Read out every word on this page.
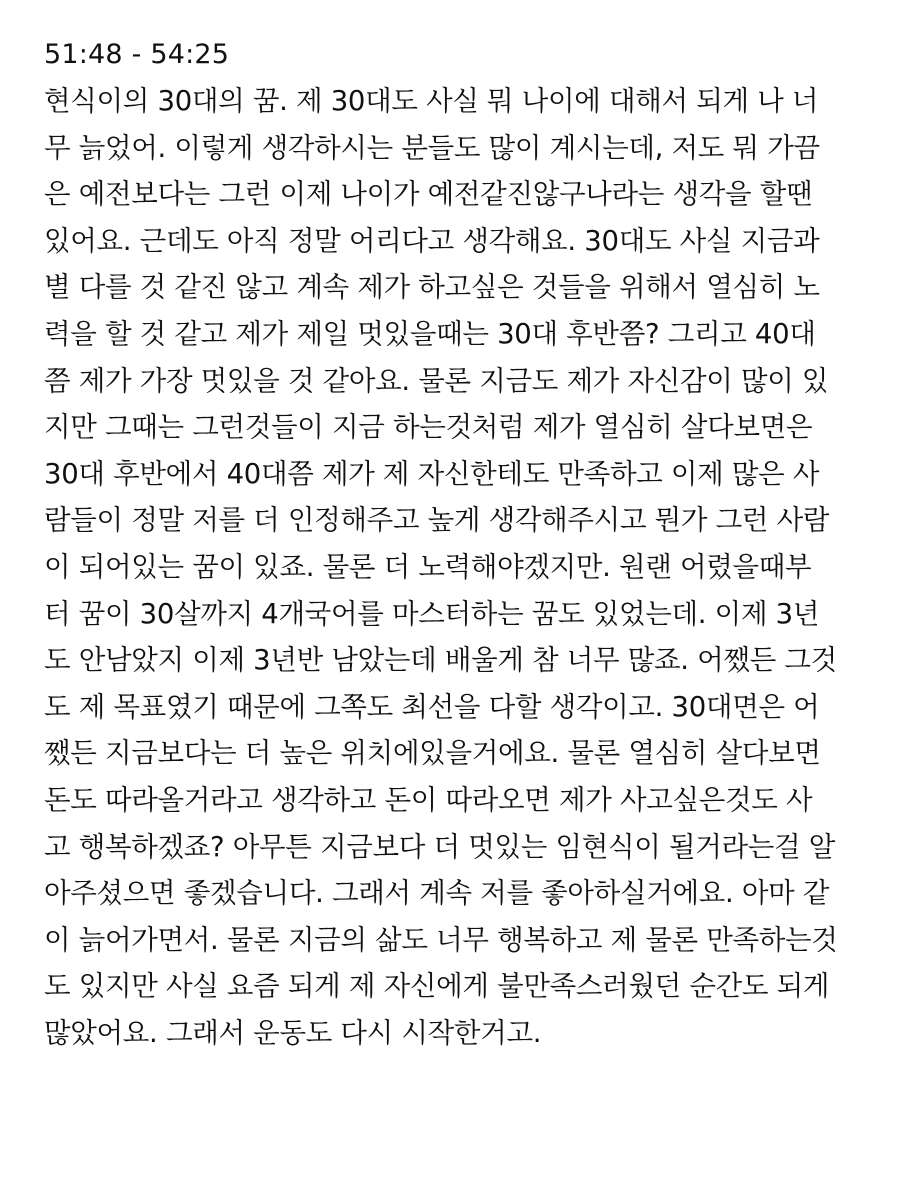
51:48 - 54:25
현식이의 30대의 꿈. 제 30대도 사실 뭐 나이에 대해서 되게 나 너
무 늙었어. 이렇게 생각하시는 분들도 많이 계시는데, 저도 뭐 가끔
은 예전보다는 그런 이제 나이가 예전같진않구나라는 생각을 할땐
있어요. 근데도 아직 정말 어리다고 생각해요. 30대도 사실 지금과
별 다를 것 같진 않고 계속 제가 하고싶은 것들을 위해서 열심히 노
력을 할 것 같고 제가 제일 멋있을때는 30대 후반쯤? 그리고 40대
쯤 제가 가장 멋있을 것 같아요. 물론 지금도 제가 자신감이 많이 있
지만 그때는 그런것들이 지금 하는것처럼 제가 열심히 살다보면은
30대 후반에서 40대쯤 제가 제 자신한테도 만족하고 이제 많은 사
람들이 정말 저를 더 인정해주고 높게 생각해주시고 뭔가 그런 사람
이 되어있는 꿈이 있죠. 물론 더 노력해야겠지만. 원랜 어렸을때부
터 꿈이 30살까지 4개국어를 마스터하는 꿈도 있었는데. 이제 3년
도 안남았지 이제 3년반 남았는데 배울게 참 너무 많죠. 어쨌든 그것
도 제 목표였기 때문에 그쪽도 최선을 다할 생각이고. 30대면은 어
쨌든 지금보다는 더 높은 위치에있을거에요. 물론 열심히 살다보면
돈도 따라올거라고 생각하고 돈이 따라오면 제가 사고싶은것도 사
고 행복하겠죠? 아무튼 지금보다 더 멋있는 임현식이 될거라는걸 알
아주셨으면 좋겠습니다. 그래서 계속 저를 좋아하실거에요. 아마 같
이 늙어가면서. 물론 지금의 삶도 너무 행복하고 제 물론 만족하는것
도 있지만 사실 요즘 되게 제 자신에게 불만족스러웠던 순간도 되게
많았어요. 그래서 운동도 다시 시작한거고.
